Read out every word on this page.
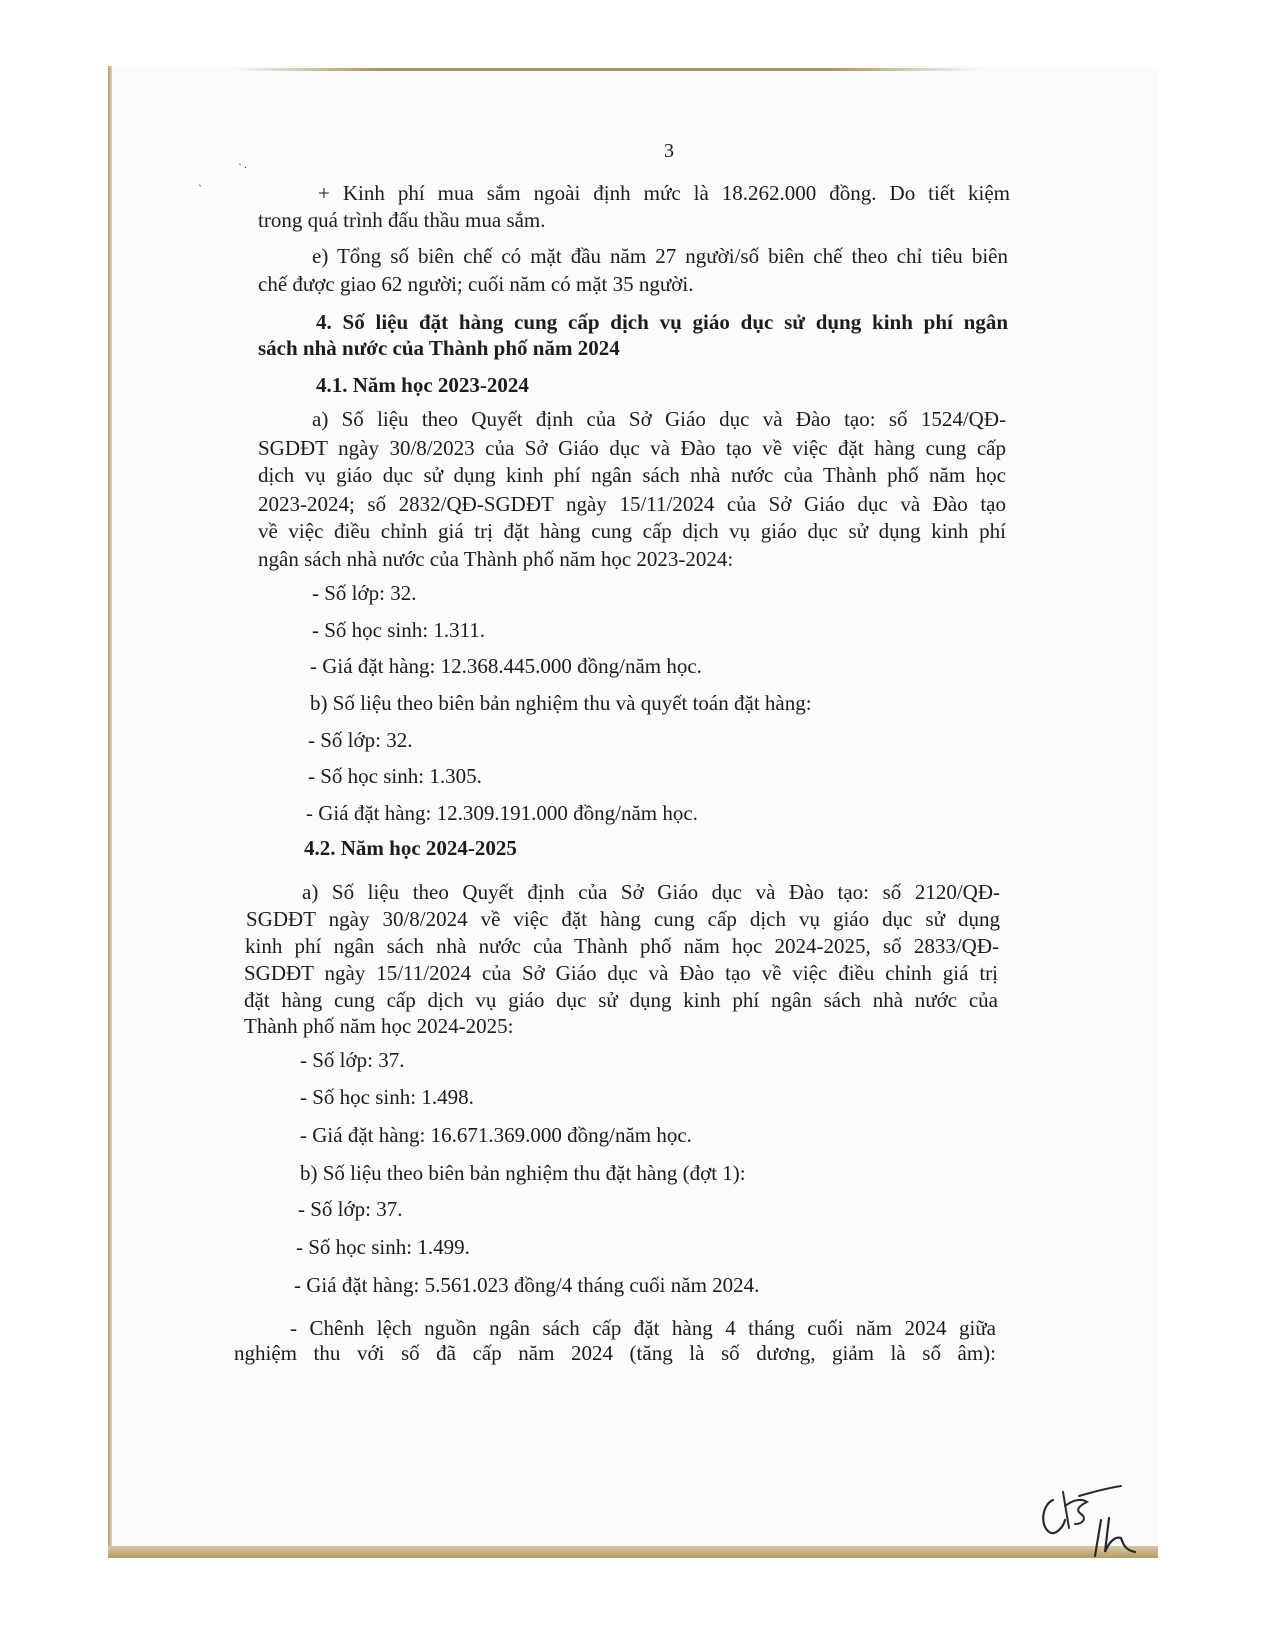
·.
`
3
+ Kinh phí mua sắm ngoài định mức là 18.262.000 đồng. Do tiết kiệm
trong quá trình đấu thầu mua sắm.
e) Tổng số biên chế có mặt đầu năm 27 người/số biên chế theo chỉ tiêu biên
chế được giao 62 người; cuối năm có mặt 35 người.
4. Số liệu đặt hàng cung cấp dịch vụ giáo dục sử dụng kinh phí ngân
sách nhà nước của Thành phố năm 2024
4.1. Năm học 2023-2024
a) Số liệu theo Quyết định của Sở Giáo dục và Đào tạo: số 1524/QĐ-
SGDĐT ngày 30/8/2023 của Sở Giáo dục và Đào tạo về việc đặt hàng cung cấp
dịch vụ giáo dục sử dụng kinh phí ngân sách nhà nước của Thành phố năm học
2023-2024; số 2832/QĐ-SGDĐT ngày 15/11/2024 của Sở Giáo dục và Đào tạo
về việc điều chỉnh giá trị đặt hàng cung cấp dịch vụ giáo dục sử dụng kinh phí
ngân sách nhà nước của Thành phố năm học 2023-2024:
- Số lớp: 32.
- Số học sinh: 1.311.
- Giá đặt hàng: 12.368.445.000 đồng/năm học.
b) Số liệu theo biên bản nghiệm thu và quyết toán đặt hàng:
- Số lớp: 32.
- Số học sinh: 1.305.
- Giá đặt hàng: 12.309.191.000 đồng/năm học.
4.2. Năm học 2024-2025
a) Số liệu theo Quyết định của Sở Giáo dục và Đào tạo: số 2120/QĐ-
SGDĐT ngày 30/8/2024 về việc đặt hàng cung cấp dịch vụ giáo dục sử dụng
kinh phí ngân sách nhà nước của Thành phố năm học 2024-2025, số 2833/QĐ-
SGDĐT ngày 15/11/2024 của Sở Giáo dục và Đào tạo về việc điều chỉnh giá trị
đặt hàng cung cấp dịch vụ giáo dục sử dụng kinh phí ngân sách nhà nước của
Thành phố năm học 2024-2025:
- Số lớp: 37.
- Số học sinh: 1.498.
- Giá đặt hàng: 16.671.369.000 đồng/năm học.
b) Số liệu theo biên bản nghiệm thu đặt hàng (đợt 1):
- Số lớp: 37.
- Số học sinh: 1.499.
- Giá đặt hàng: 5.561.023 đồng/4 tháng cuối năm 2024.
- Chênh lệch nguồn ngân sách cấp đặt hàng 4 tháng cuối năm 2024 giữa
nghiệm thu với số đã cấp năm 2024 (tăng là số dương, giảm là số âm):
